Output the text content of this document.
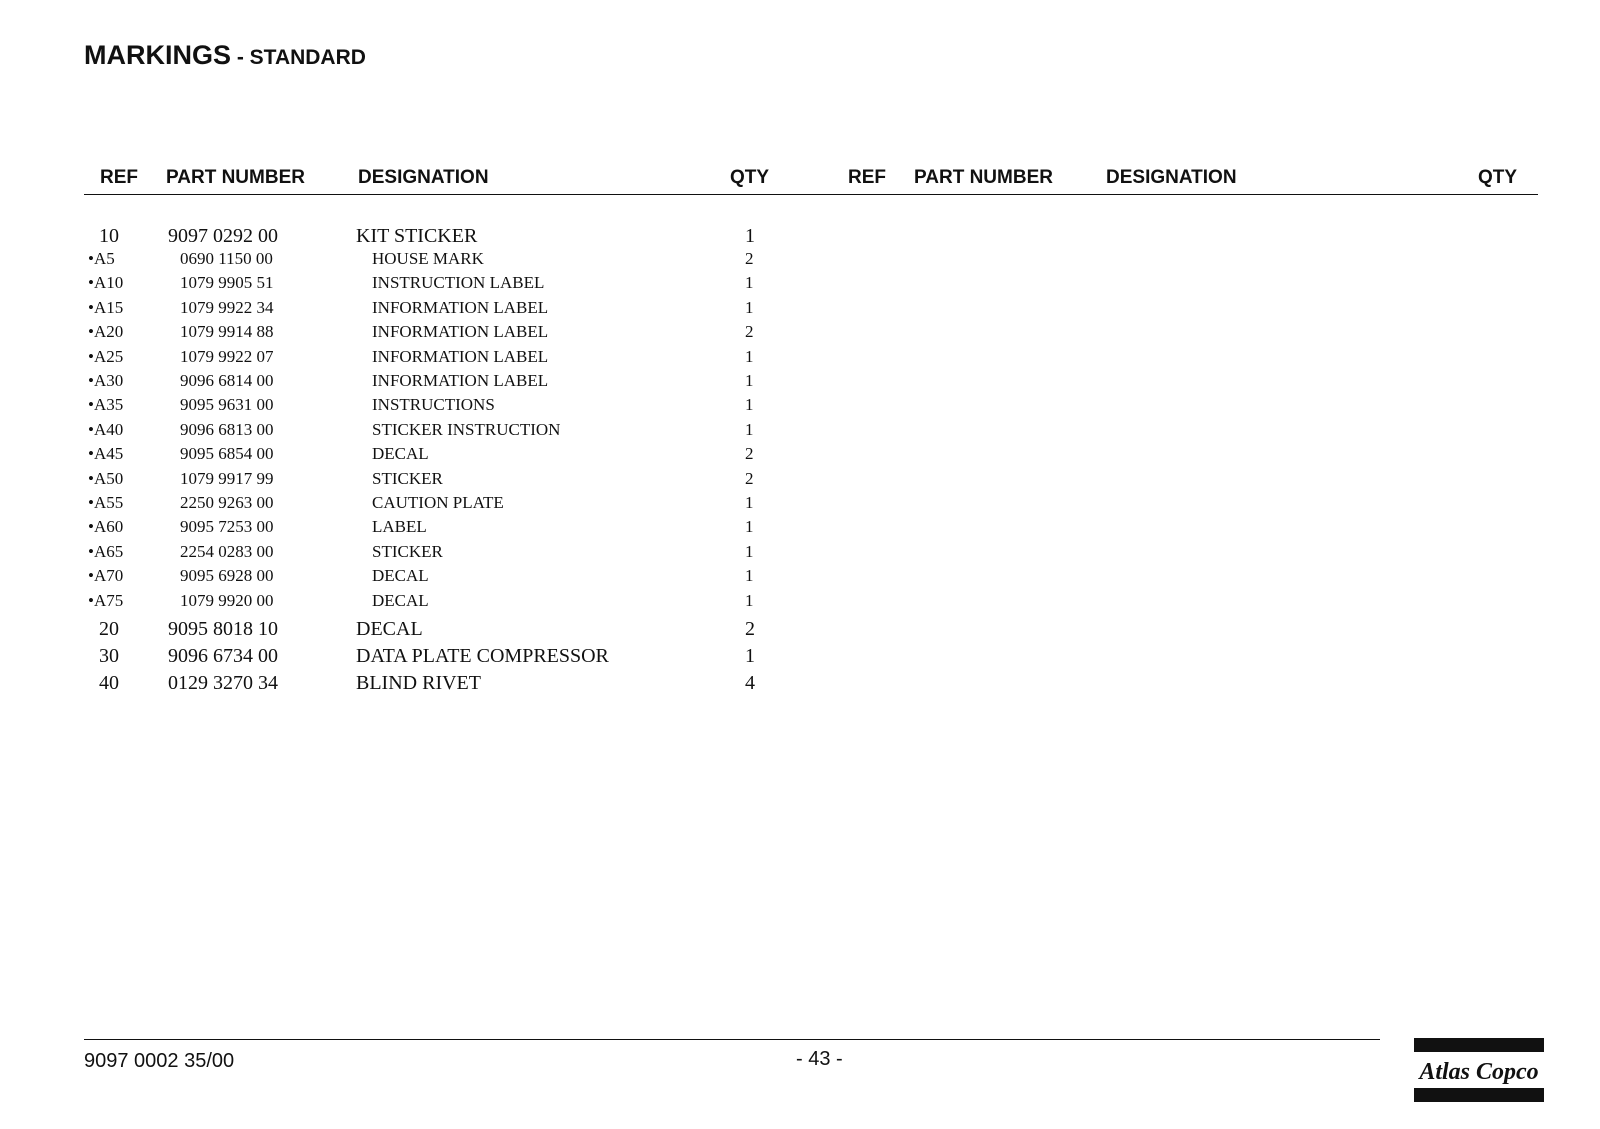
MARKINGS - STANDARD
REF PART NUMBER	DESIGNATION	QTY	REF PART NUMBER	DESIGNATION	QTY
10 9097 0292 00	KIT STICKER	1
•A5	0690 1150 00	HOUSE MARK	2
•A10	1079 9905 51	INSTRUCTION LABEL	1
•A15	1079 9922 34	INFORMATION LABEL	1
•A20	1079 9914 88	INFORMATION LABEL	2
•A25	1079 9922 07	INFORMATION LABEL	1
•A30	9096 6814 00	INFORMATION LABEL	1
•A35	9095 9631 00	INSTRUCTIONS	1
•A40	9096 6813 00	STICKER INSTRUCTION	1
•A45	9095 6854 00	DECAL	2
•A50	1079 9917 99	STICKER	2
•A55	2250 9263 00	CAUTION PLATE	1
•A60	9095 7253 00	LABEL	1
•A65	2254 0283 00	STICKER	1
•A70	9095 6928 00	DECAL	1
•A75	1079 9920 00	DECAL	1
20 9095 8018 10	DECAL	2
30 9096 6734 00	DATA PLATE COMPRESSOR	1
40 0129 3270 34	BLIND RIVET	4
9097 0002 35/00	- 43 -	Atlas Copco
